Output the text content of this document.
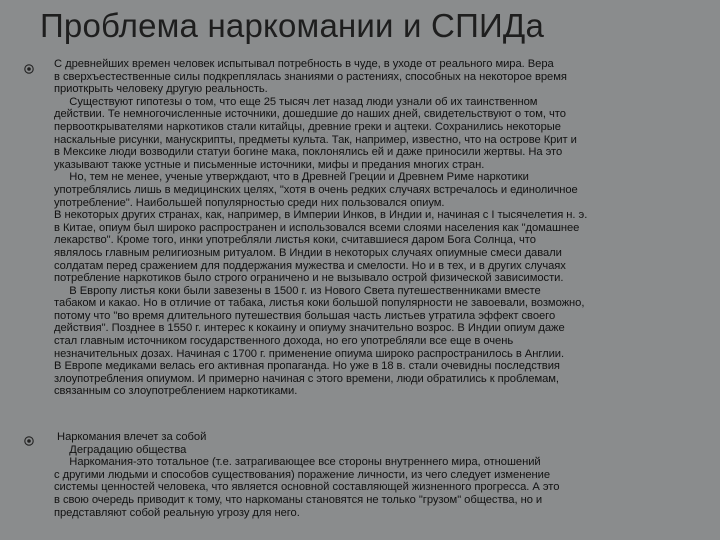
Проблема наркомании и СПИДа
С древнейших времен человек испытывал потребность в чуде, в уходе от реального мира. Вера
в сверхъестественные силы подкреплялась знаниями о растениях, способных на некоторое время
приоткрыть человеку другую реальность.
Существуют гипотезы о том, что еще 25 тысяч лет назад люди узнали об их таинственном
действии. Те немногочисленные источники, дошедшие до наших дней, свидетельствуют о том, что
первооткрывателями наркотиков стали китайцы, древние греки и ацтеки. Сохранились некоторые
наскальные рисунки, манускрипты, предметы культа. Так, например, известно, что на острове Крит и
в Мексике люди возводили статуи богине мака, поклонялись ей и даже приносили жертвы. На это
указывают также устные и письменные источники, мифы и предания многих стран.
Но, тем не менее, ученые утверждают, что в Древней Греции и Древнем Риме наркотики
употреблялись лишь в медицинских целях, "хотя в очень редких случаях встречалось и единоличное
употребление". Наибольшей популярностью среди них пользовался опиум.
В некоторых других странах, как, например, в Империи Инков, в Индии и, начиная с I тысячелетия н. э.
в Китае, опиум был широко распространен и использовался всеми слоями населения как "домашнее
лекарство". Кроме того, инки употребляли листья коки, считавшиеся даром Бога Солнца, что
являлось главным религиозным ритуалом. В Индии в некоторых случаях опиумные смеси давали
солдатам перед сражением для поддержания мужества и смелости. Но и в тех, и в других случаях
потребление наркотиков было строго ограничено и не вызывало острой физической зависимости.
В Европу листья коки были завезены в 1500 г. из Нового Света путешественниками вместе
табаком и какао. Но в отличие от табака, листья коки большой популярности не завоевали, возможно,
потому что "во время длительного путешествия большая часть листьев утратила эффект своего
действия". Позднее в 1550 г. интерес к кокаину и опиуму значительно возрос. В Индии опиум даже
стал главным источником государственного дохода, но его употребляли все еще в очень
незначительных дозах. Начиная с 1700 г. применение опиума широко распространилось в Англии.
В Европе медиками велась его активная пропаганда. Но уже в 18 в. стали очевидны последствия
злоупотребления опиумом. И примерно начиная с этого времени, люди обратились к проблемам,
связанным со злоупотреблением наркотиками.
Наркомания влечет за собой
Деградацию общества
Наркомания-это тотальное (т.е. затрагивающее все стороны внутреннего мира, отношений
с другими людьми и способов существования) поражение личности, из чего следует изменение
системы ценностей человека, что является основной составляющей жизненного прогресса. А это
в свою очередь приводит к тому, что наркоманы становятся не только "грузом" общества, но и
представляют собой реальную угрозу для него.
